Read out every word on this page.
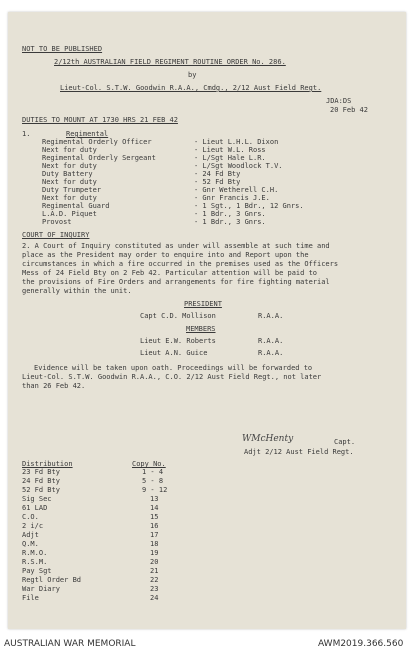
NOT TO BE PUBLISHED
2/12th AUSTRALIAN FIELD REGIMENT ROUTINE ORDER No. 286.
by
Lieut-Col. S.T.W. Goodwin R.A.A., Cmdg., 2/12 Aust Field Regt.
JDA:DS
20 Feb 42
DUTIES TO MOUNT AT 1730 HRS 21 FEB 42
1.	Regimental
Regimental Orderly Officer	- Lieut L.H.L. Dixon
Next for duty	- Lieut W.L. Ross
Regimental Orderly Sergeant	- L/Sgt Hale L.R.
Next for duty	- L/Sgt Woodlock T.V.
Duty Battery	- 24 Fd Bty
Next for duty	- 52 Fd Bty
Duty Trumpeter	- Gnr Wetherell C.H.
Next for duty	- Gnr Francis J.E.
Regimental Guard	- 1 Sgt., 1 Bdr., 12 Gnrs.
L.A.D. Piquet	- 1 Bdr., 3 Gnrs.
Provost	- 1 Bdr., 3 Gnrs.
COURT OF INQUIRY
2. A Court of Inquiry constituted as under will assemble at such time and
place as the President may order to enquire into and Report upon the
circumstances in which a fire occurred in the premises used as the Officers
Mess of 24 Field Bty on 2 Feb 42. Particular attention will be paid to
the provisions of Fire Orders and arrangements for fire fighting material
generally within the unit.
PRESIDENT
Capt C.D. Mollison	R.A.A.
MEMBERS
Lieut E.W. Roberts	R.A.A.
Lieut A.N. Guice	R.A.A.
Evidence will be taken upon oath. Proceedings will be forwarded to
Lieut-Col. S.T.W. Goodwin R.A.A., C.O. 2/12 Aust Field Regt., not later
than 26 Feb 42.
WMcHenty	Capt.
Adjt 2/12 Aust Field Regt.
Distribution	Copy No.
23 Fd Bty	1 - 4
24 Fd Bty	5 - 8
52 Fd Bty	9 - 12
Sig Sec	13
61 LAD	14
C.O.	15
2 i/c	16
Adjt	17
Q.M.	18
R.M.O.	19
R.S.M.	20
Pay Sgt	21
Regtl Order Bd	22
War Diary	23
File	24
AUSTRALIAN WAR MEMORIAL	AWM2019.366.560
